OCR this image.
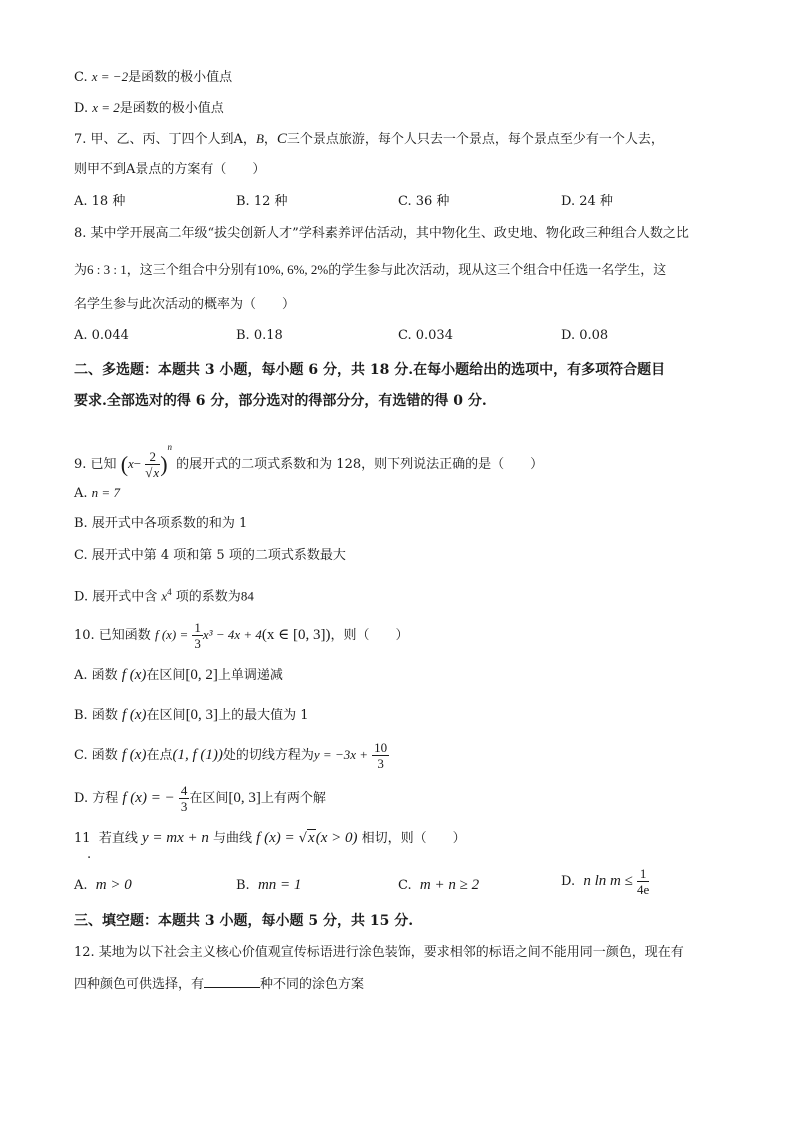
C. x = −2是函数的极小值点
D. x = 2是函数的极小值点
7. 甲、乙、丙、丁四个人到A，B，C三个景点旅游，每个人只去一个景点，每个景点至少有一个人去，
则甲不到A景点的方案有（　　）
A. 18 种	B. 12 种	C. 36 种	D. 24 种
8. 某中学开展高二年级“拔尖创新人才”学科素养评估活动，其中物化生、政史地、物化政三种组合人数之比
为6 : 3 : 1，这三个组合中分别有10%, 6%, 2%的学生参与此次活动，现从这三个组合中任选一名学生，这
名学生参与此次活动的概率为（　　）
A. 0.044	B. 0.18	C. 0.034	D. 0.08
二、多选题：本题共 3 小题，每小题 6 分，共 18 分.在每小题给出的选项中，有多项符合题目
要求.全部选对的得 6 分，部分选对的得部分分，有选错的得 0 分.
9. 已知 $(x- \frac{2}{√x} )^n$ 的展开式的二项式系数和为 128，则下列说法正确的是（　　）
A. n = 7
B. 展开式中各项系数的和为 1
C. 展开式中第 4 项和第 5 项的二项式系数最大
D. 展开式中含 $x^4$ 项的系数为84
10. 已知函数 f $(x) = \frac{1}{3} x^3 - 4x + 4(x$ ∈ [0, 3])，则（　　）
A. 函数 f (x)在区间[0, 2]上单调递减
B. 函数 f (x)在区间[0, 3]上的最大值为 1
C. 函数 f (x)在点(1, f (1))处的切线方程为$y = -3x + \frac{10}{3}$
D. 方程 f (x) = − $\frac{4}{3}$ 在区间[0, 3]上有两个解
11 若直线 y = mx + n 与曲线 f (x) = √x(x > 0) 相切，则（　　）
.
A. m > 0	B. mn = 1	C. m + n ≥ 2	D. n $\ln m \le \frac{1}{4e}$
三、填空题：本题共 3 小题，每小题 5 分，共 15 分.
12. 某地为以下社会主义核心价值观宣传标语进行涂色装饰，要求相邻的标语之间不能用同一颜色，现在有
四种颜色可供选择，有	种不同的涂色方案
